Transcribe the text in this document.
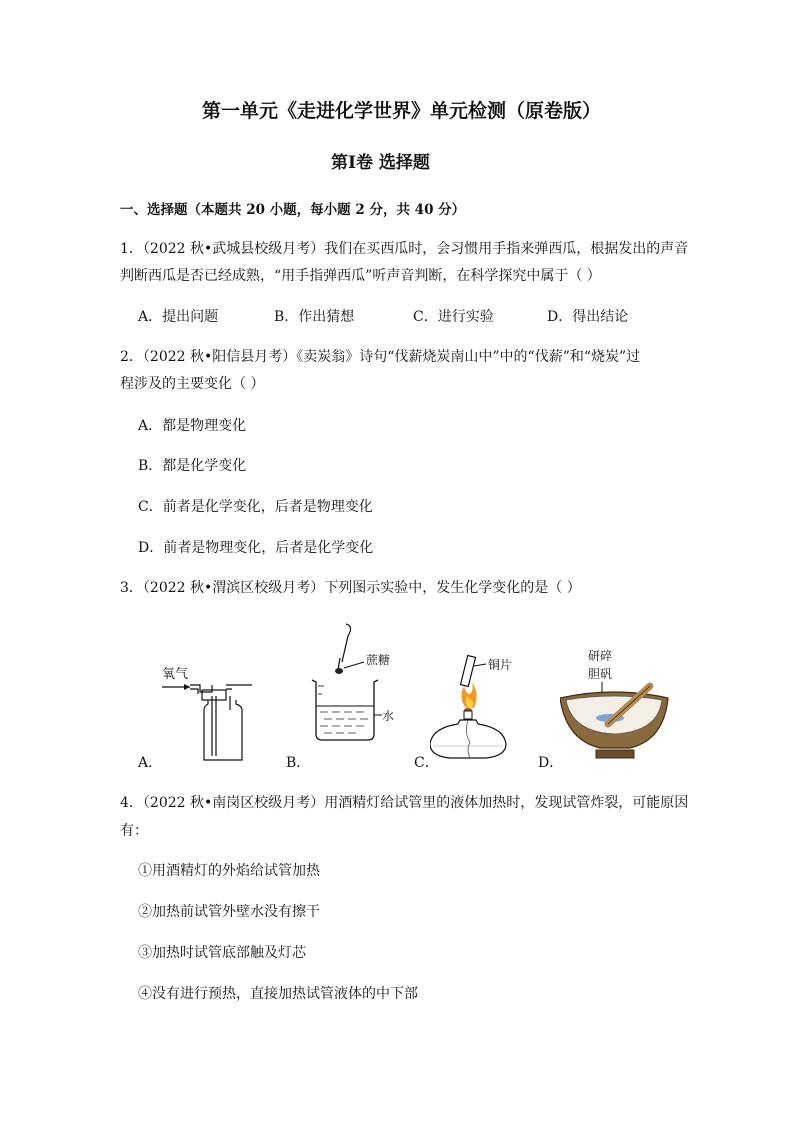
第一单元《走进化学世界》单元检测（原卷版）
第Ⅰ卷 选择题
一、选择题（本题共 20 小题，每小题 2 分，共 40 分）
1．（2022 秋•武城县校级月考）我们在买西瓜时，会习惯用手指来弹西瓜，根据发出的声音
判断西瓜是否已经成熟，“用手指弹西瓜”听声音判断，在科学探究中属于（ ）
A．提出问题	B．作出猜想	C．进行实验	D．得出结论
2．（2022 秋•阳信县月考）《卖炭翁》诗句“伐薪烧炭南山中”中的“伐薪”和“烧炭”过
程涉及的主要变化（ ）
A．都是物理变化
B．都是化学变化
C．前者是化学变化，后者是物理变化
D．前者是物理变化，后者是化学变化
3．（2022 秋•渭滨区校级月考）下列图示实验中，发生化学变化的是（ ）
氧气
A．
蔗糖
水
B．
铜片
C．
研碎
胆矾
D．
4．（2022 秋•南岗区校级月考）用酒精灯给试管里的液体加热时，发现试管炸裂，可能原因
有：
①用酒精灯的外焰给试管加热
②加热前试管外壁水没有擦干
③加热时试管底部触及灯芯
④没有进行预热，直接加热试管液体的中下部
